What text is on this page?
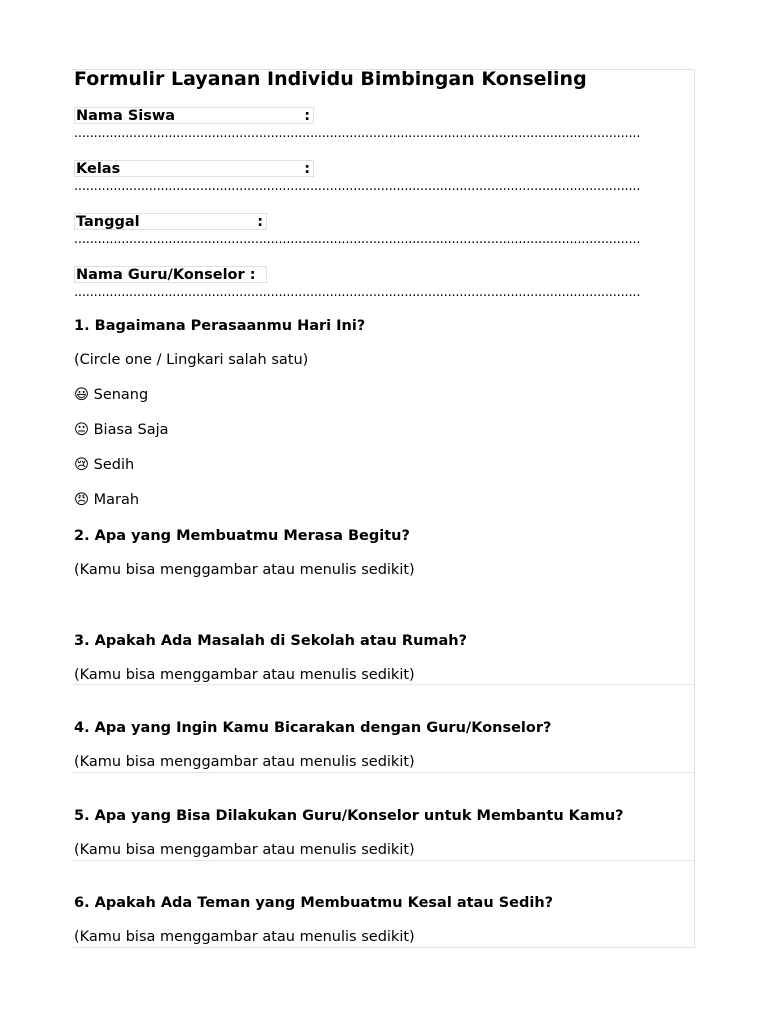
Formulir Layanan Individu Bimbingan Konseling
Nama Siswa	:
................................................................................................................................................
Kelas	:
................................................................................................................................................
Tanggal	:
................................................................................................................................................
Nama Guru/Konselor :
................................................................................................................................................
1. Bagaimana Perasaanmu Hari Ini?
(Circle one / Lingkari salah satu)
😃 Senang
😐 Biasa Saja
😢 Sedih
😠 Marah
2. Apa yang Membuatmu Merasa Begitu?
(Kamu bisa menggambar atau menulis sedikit)
3. Apakah Ada Masalah di Sekolah atau Rumah?
(Kamu bisa menggambar atau menulis sedikit)
4. Apa yang Ingin Kamu Bicarakan dengan Guru/Konselor?
(Kamu bisa menggambar atau menulis sedikit)
5. Apa yang Bisa Dilakukan Guru/Konselor untuk Membantu Kamu?
(Kamu bisa menggambar atau menulis sedikit)
6. Apakah Ada Teman yang Membuatmu Kesal atau Sedih?
(Kamu bisa menggambar atau menulis sedikit)
